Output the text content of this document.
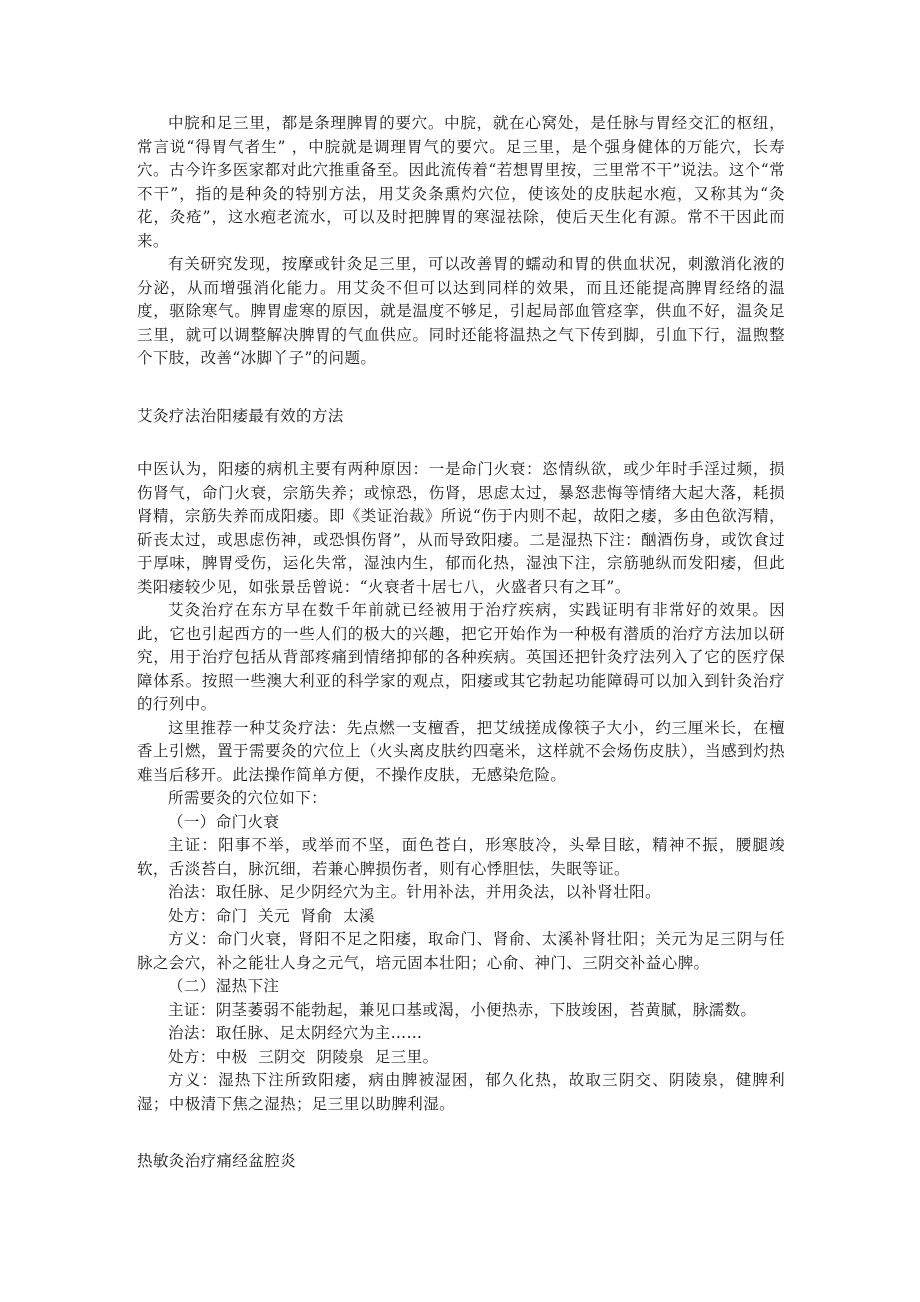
中脘和足三里，都是条理脾胃的要穴。中脘，就在心窝处，是任脉与胃经交汇的枢纽，常言说“得胃气者生” ，中脘就是调理胃气的要穴。足三里，是个强身健体的万能穴，长寿穴。古今许多医家都对此穴推重备至。因此流传着“若想胃里按，三里常不干”说法。这个“常不干”，指的是种灸的特别方法，用艾灸条熏灼穴位，使该处的皮肤起水疱，又称其为“灸花，灸疮”，这水疱老流水，可以及时把脾胃的寒湿祛除，使后天生化有源。常不干因此而来。

有关研究发现，按摩或针灸足三里，可以改善胃的蠕动和胃的供血状况，刺激消化液的分泌，从而增强消化能力。用艾灸不但可以达到同样的效果，而且还能提高脾胃经络的温度，驱除寒气。脾胃虚寒的原因，就是温度不够足，引起局部血管痉挛，供血不好，温灸足三里，就可以调整解决脾胃的气血供应。同时还能将温热之气下传到脚，引血下行，温煦整个下肢，改善“冰脚丫子”的问题。

艾灸疗法治阳痿最有效的方法

中医认为，阳痿的病机主要有两种原因：一是命门火衰：恣情纵欲，或少年时手淫过频，损伤肾气，命门火衰，宗筋失养；或惊恐，伤肾，思虑太过，暴怒悲悔等情绪大起大落，耗损肾精，宗筋失养而成阳痿。即《类证治裁》所说“伤于内则不起，故阳之痿，多由色欲泻精，斫丧太过，或思虑伤神，或恐惧伤肾”，从而导致阳痿。二是湿热下注：酗酒伤身，或饮食过于厚味，脾胃受伤，运化失常，湿浊内生，郁而化热，湿浊下注，宗筋驰纵而发阳痿，但此类阳痿较少见，如张景岳曾说：“火衰者十居七八，火盛者只有之耳”。

艾灸治疗在东方早在数千年前就已经被用于治疗疾病，实践证明有非常好的效果。因此，它也引起西方的一些人们的极大的兴趣，把它开始作为一种极有潜质的治疗方法加以研究，用于治疗包括从背部疼痛到情绪抑郁的各种疾病。英国还把针灸疗法列入了它的医疗保障体系。按照一些澳大利亚的科学家的观点，阳痿或其它勃起功能障碍可以加入到针灸治疗的行列中。

这里推荐一种艾灸疗法：先点燃一支檀香，把艾绒搓成像筷子大小，约三厘米长，在檀香上引燃，置于需要灸的穴位上（火头离皮肤约四毫米，这样就不会炀伤皮肤），当感到灼热难当后移开。此法操作简单方便，不操作皮肤，无感染危险。

所需要灸的穴位如下：

（一）命门火衰

主证：阳事不举，或举而不坚，面色苍白，形寒肢冷，头晕目眩，精神不振，腰腿竣软，舌淡苔白，脉沉细，若兼心脾损伤者，则有心悸胆怯，失眠等证。

治法：取任脉、足少阴经穴为主。针用补法，并用灸法，以补肾壮阳。

处方：命门  关元  肾俞  太溪

方义：命门火衰，肾阳不足之阳痿，取命门、肾俞、太溪补肾壮阳；关元为足三阴与任脉之会穴，补之能壮人身之元气，培元固本壮阳；心俞、神门、三阴交补益心脾。

（二）湿热下注

主证：阴茎萎弱不能勃起，兼见口基或渴，小便热赤，下肢竣困，苔黄腻，脉濡数。

治法：取任脉、足太阴经穴为主……

处方：中极  三阴交  阴陵泉  足三里。

方义：湿热下注所致阳痿，病由脾被湿困，郁久化热，故取三阴交、阴陵泉，健脾利湿；中极清下焦之湿热；足三里以助脾利湿。

热敏灸治疗痛经盆腔炎
